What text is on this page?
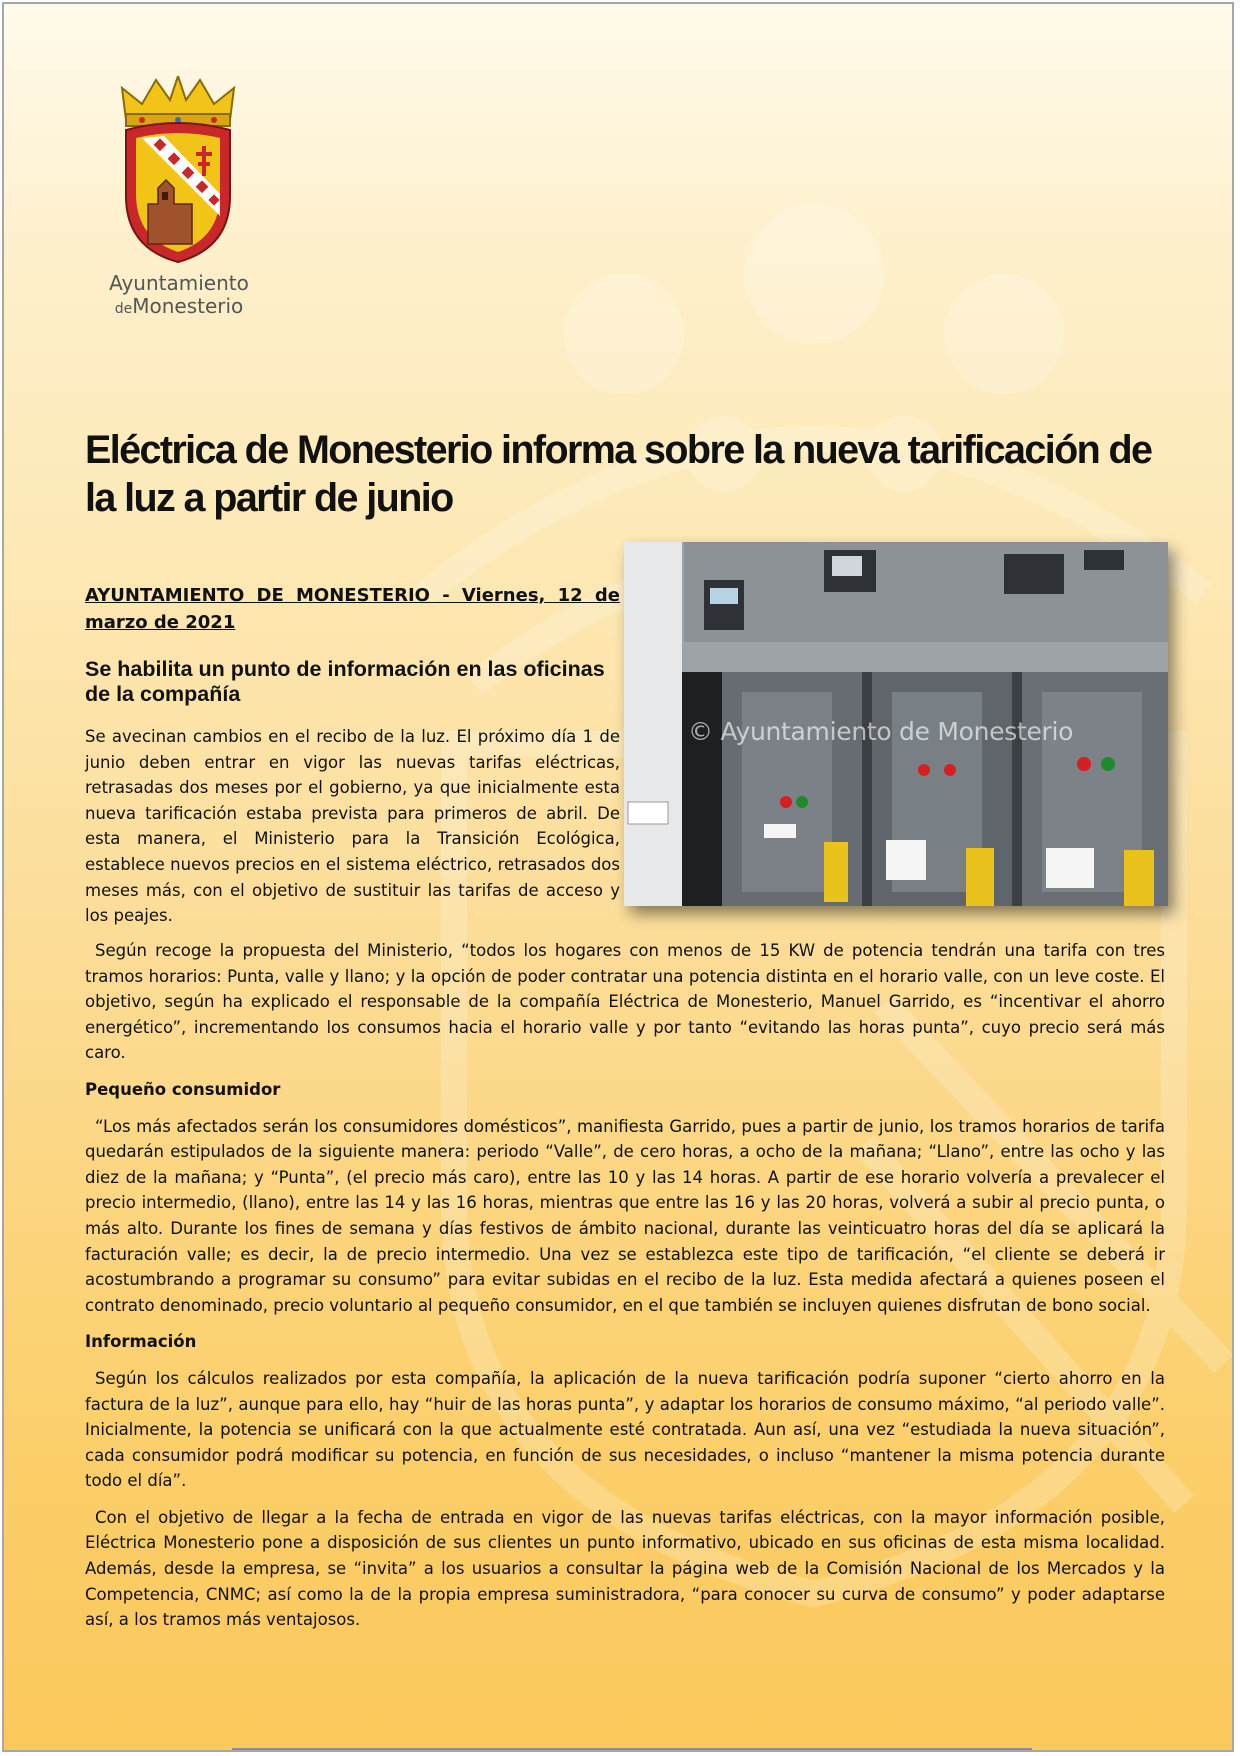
Ayuntamiento
deMonesterio
Eléctrica de Monesterio informa sobre la nueva tarificación de la luz a partir de junio
AYUNTAMIENTO DE MONESTERIO - Viernes, 12 de marzo de 2021
Se habilita un punto de información en las oficinas de la compañía

Se avecinan cambios en el recibo de la luz. El próximo día 1 de junio deben entrar en vigor las nuevas tarifas eléctricas, retrasadas dos meses por el gobierno, ya que inicialmente esta nueva tarificación estaba prevista para primeros de abril. De esta manera, el Ministerio para la Transición Ecológica, establece nuevos precios en el sistema eléctrico, retrasados dos meses más, con el objetivo de sustituir las tarifas de acceso y los peajes.

© Ayuntamiento de Monesterio

Según recoge la propuesta del Ministerio, “todos los hogares con menos de 15 KW de potencia tendrán una tarifa con tres tramos horarios: Punta, valle y llano; y la opción de poder contratar una potencia distinta en el horario valle, con un leve coste. El objetivo, según ha explicado el responsable de la compañía Eléctrica de Monesterio, Manuel Garrido, es “incentivar el ahorro energético”, incrementando los consumos hacia el horario valle y por tanto “evitando las horas punta”, cuyo precio será más caro.

Pequeño consumidor

“Los más afectados serán los consumidores domésticos”, manifiesta Garrido, pues a partir de junio, los tramos horarios de tarifa quedarán estipulados de la siguiente manera: periodo “Valle”, de cero horas, a ocho de la mañana; “Llano”, entre las ocho y las diez de la mañana; y “Punta”, (el precio más caro), entre las 10 y las 14 horas. A partir de ese horario volvería a prevalecer el precio intermedio, (llano), entre las 14 y las 16 horas, mientras que entre las 16 y las 20 horas, volverá a subir al precio punta, o más alto. Durante los fines de semana y días festivos de ámbito nacional, durante las veinticuatro horas del día se aplicará la facturación valle; es decir, la de precio intermedio. Una vez se establezca este tipo de tarificación, “el cliente se deberá ir acostumbrando a programar su consumo” para evitar subidas en el recibo de la luz. Esta medida afectará a quienes poseen el contrato denominado, precio voluntario al pequeño consumidor, en el que también se incluyen quienes disfrutan de bono social.

Información

Según los cálculos realizados por esta compañía, la aplicación de la nueva tarificación podría suponer “cierto ahorro en la factura de la luz”, aunque para ello, hay “huir de las horas punta”, y adaptar los horarios de consumo máximo, “al periodo valle”. Inicialmente, la potencia se unificará con la que actualmente esté contratada. Aun así, una vez “estudiada la nueva situación”, cada consumidor podrá modificar su potencia, en función de sus necesidades, o incluso “mantener la misma potencia durante todo el día”.

Con el objetivo de llegar a la fecha de entrada en vigor de las nuevas tarifas eléctricas, con la mayor información posible, Eléctrica Monesterio pone a disposición de sus clientes un punto informativo, ubicado en sus oficinas de esta misma localidad. Además, desde la empresa, se “invita” a los usuarios a consultar la página web de la Comisión Nacional de los Mercados y la Competencia, CNMC; así como la de la propia empresa suministradora, “para conocer su curva de consumo” y poder adaptarse así, a los tramos más ventajosos.
